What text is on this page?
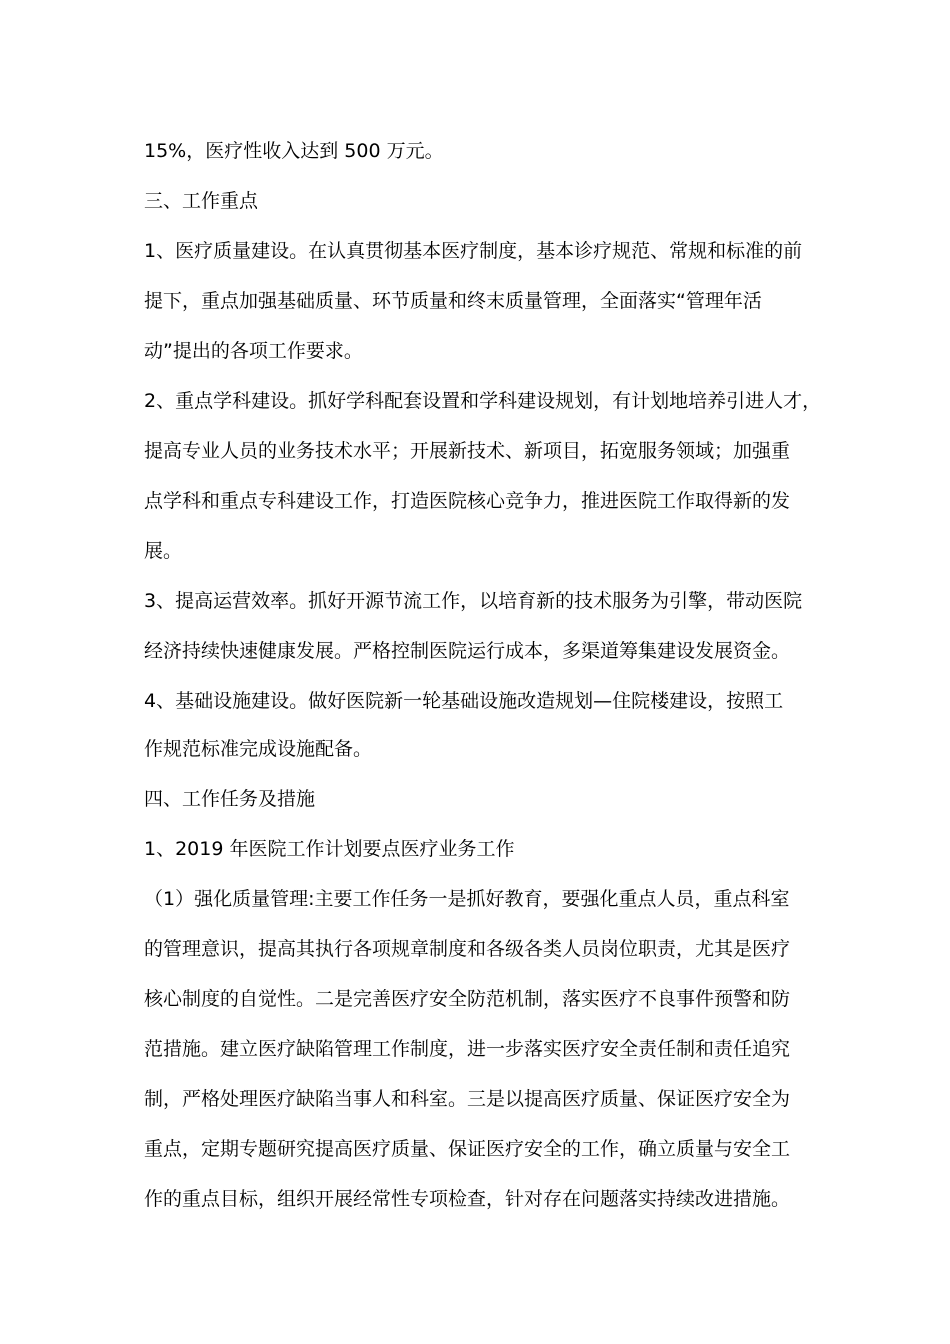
15%，医疗性收入达到 500 万元。
三、工作重点
1、医疗质量建设。在认真贯彻基本医疗制度，基本诊疗规范、常规和标准的前
提下，重点加强基础质量、环节质量和终末质量管理，全面落实“管理年活
动”提出的各项工作要求。
2、重点学科建设。抓好学科配套设置和学科建设规划，有计划地培养引进人才，
提高专业人员的业务技术水平；开展新技术、新项目，拓宽服务领域；加强重
点学科和重点专科建设工作，打造医院核心竞争力，推进医院工作取得新的发
展。
3、提高运营效率。抓好开源节流工作，以培育新的技术服务为引擎，带动医院
经济持续快速健康发展。严格控制医院运行成本，多渠道筹集建设发展资金。
4、基础设施建设。做好医院新一轮基础设施改造规划—住院楼建设，按照工
作规范标准完成设施配备。
四、工作任务及措施
1、2019 年医院工作计划要点医疗业务工作
（1）强化质量管理:主要工作任务一是抓好教育，要强化重点人员，重点科室
的管理意识，提高其执行各项规章制度和各级各类人员岗位职责，尤其是医疗
核心制度的自觉性。二是完善医疗安全防范机制，落实医疗不良事件预警和防
范措施。建立医疗缺陷管理工作制度，进一步落实医疗安全责任制和责任追究
制，严格处理医疗缺陷当事人和科室。三是以提高医疗质量、保证医疗安全为
重点，定期专题研究提高医疗质量、保证医疗安全的工作，确立质量与安全工
作的重点目标，组织开展经常性专项检查，针对存在问题落实持续改进措施。
